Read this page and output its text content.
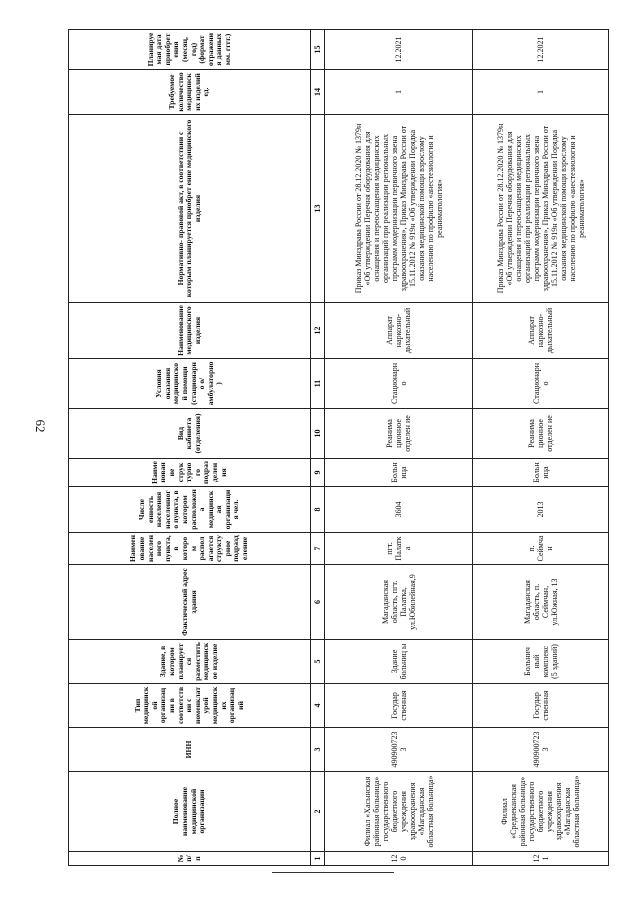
62
№ п/п	Полное наименование медицинской организации	ИНН	Тип медицинской организации в соответствии с номенклатурой медицинских организаций	Здание, в котором планируется разместить медицинское изделие	Фактический адрес здания	Наименование населенного пункта, в котором располагается структурное подразделение	Числе енность населения населенного пункта, в котором расположена медицинская организация чел.	Наименование структурного подразделения	Вид кабинета (отделения)	Условия оказания медицинской помощи (стационарно о/амбулаторно)	Наименование медицинского изделия	Нормативно- правовой акт, в соответствии с которым планируется приобрет ение медицинского изделия	Требуемое количество медицинских изделий ед.	Планируемая дата приобретения (месяц, год) (формат отражения данных мм. гггг.)
1	2	3	4	5	6	7	8	9	10	11	12	13	14	15
120	Филиал «Хасынская районная больница» государственного бюджетного учреждения здравоохранения «Магаданская областная больница»	4909007233	Государ ственная	Здание больниц ы	Магаданская область, пгт. Палатка, ул.Юбилейная,9	пгт. Палатка	3604	Больница	Реанима ционное отделен ие	Стационарно	Аппарат наркозно-дыхательный	Приказ Минздрава России от 28.12.2020 № 1379н «Об утверждении Перечня оборудования для оснащения и переоснащения медицинских организаций при реализации региональных программ модернизации первичного звена здравоохранения», Приказ Минздрава России от 15.11.2012 № 919н «Об утверждении Порядка оказания медицинской помощи взрослому населению по профилю «анестезиология и реаниматология»	1	12.2021
121	Филиал «Среднеканская районная больница» государственного бюджетного учреждения здравоохранения «Магаданская областная больница»	4909007233	Государ ственная	Больнич ный комплекс (5 зданий)	Магаданская область, п. Сеймчан, ул.Южная, 13	п. Сеймчан	2013	Больница	Реанима ционное отделен ие	Стационарно	Аппарат наркозно-дыхательный	Приказ Минздрава России от 28.12.2020 № 1379н «Об утверждении Перечня оборудования для оснащения и переоснащения медицинских организаций при реализации региональных программ модернизации первичного звена здравоохранения», Приказ Минздрава России от 15.11.2012 № 919н «Об утверждении Порядка оказания медицинской помощи взрослому населению по профилю «анестезиология и реаниматология»	1	12.2021
